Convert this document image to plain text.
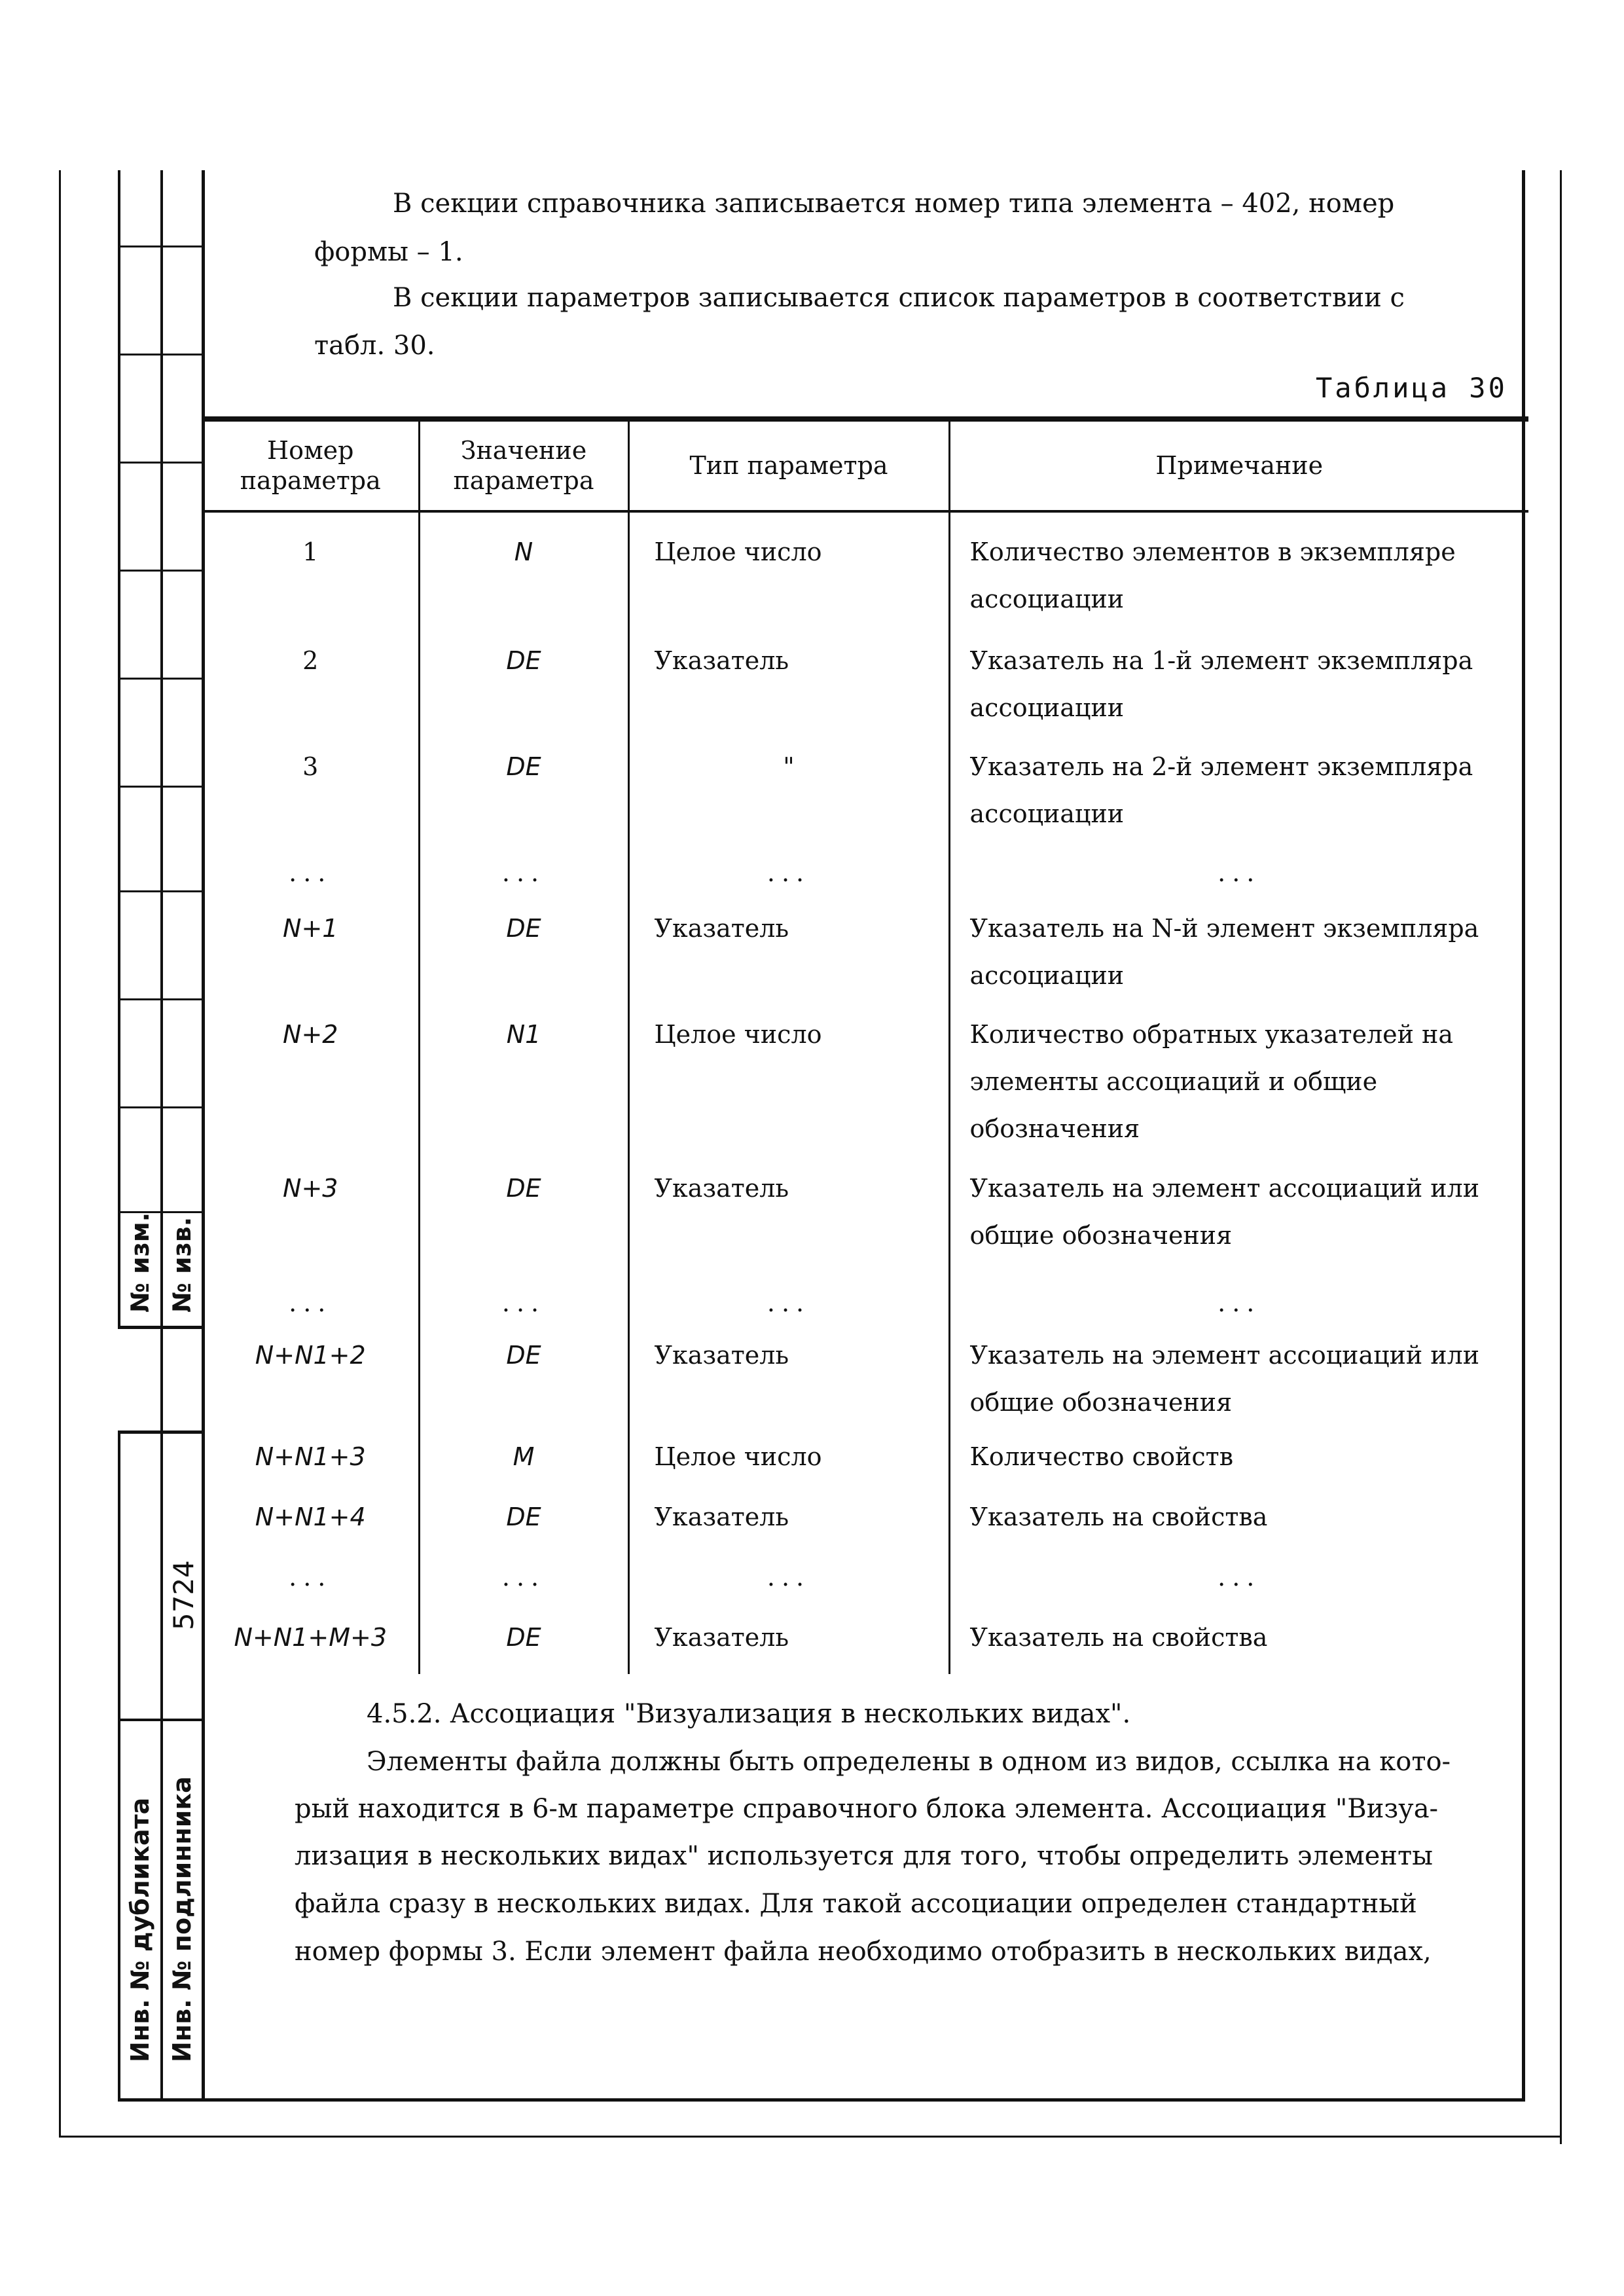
№ изм. № изв.
5724
Инв. № дубликата Инв. № подлинника

В секции справочника записывается номер типа элемента – 402, номер

формы – 1.

В секции параметров записывается список параметров в соответствии с

табл. 30.

Таблица 30
Номер параметра	Значение параметра	Тип параметра	Примечание
1	N	Целое число	Количество элементов в экземпляре ассоциации
2	DE	Указатель	Указатель на 1-й элемент экземпляра ассоциации
3	DE	"	Указатель на 2-й элемент экземпляра ассоциации
...	...	...	...
N+1	DE	Указатель	Указатель на N-й элемент экземпляра ассоциации
N+2	N1	Целое число	Количество обратных указателей на элементы ассоциаций и общие обозначения
N+3	DE	Указатель	Указатель на элемент ассоциаций или общие обозначения
...	...	...	...
N+N1+2	DE	Указатель	Указатель на элемент ассоциаций или общие обозначения
N+N1+3	M	Целое число	Количество свойств
N+N1+4	DE	Указатель	Указатель на свойства
...	...	...	...
N+N1+M+3	DE	Указатель	Указатель на свойства

4.5.2. Ассоциация "Визуализация в нескольких видах".

Элементы файла должны быть определены в одном из видов, ссылка на кото-

рый находится в 6-м параметре справочного блока элемента. Ассоциация "Визуа-

лизация в нескольких видах" используется для того, чтобы определить элементы

файла сразу в нескольких видах. Для такой ассоциации определен стандартный

номер формы 3. Если элемент файла необходимо отобразить в нескольких видах,
